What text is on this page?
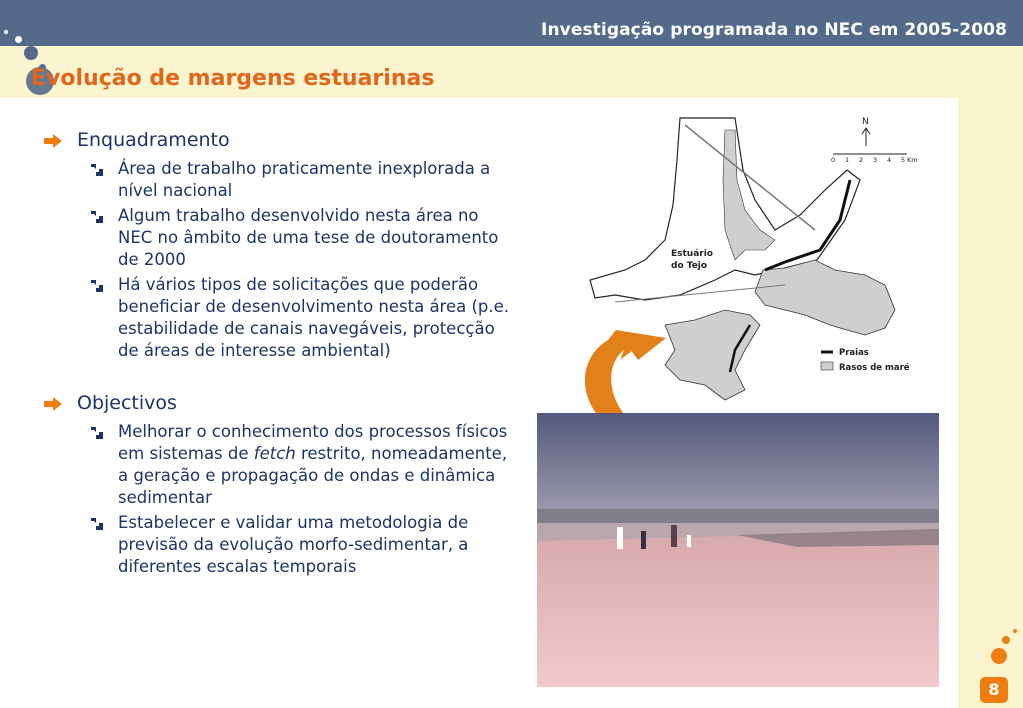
Investigação programada no NEC em 2005-2008
Evolução de margens estuarinas
Enquadramento
Área de trabalho praticamente inexplorada a nível nacional
Algum trabalho desenvolvido nesta área no NEC no âmbito de uma tese de doutoramento de 2000
Há vários tipos de solicitações que poderão beneficiar de desenvolvimento nesta área (p.e. estabilidade de canais navegáveis, protecção de áreas de interesse ambiental)
Objectivos
Melhorar o conhecimento dos processos físicos em sistemas de fetch restrito, nomeadamente, a geração e propagação de ondas e dinâmica sedimentar
Estabelecer e validar uma metodologia de previsão da evolução morfo-sedimentar, a diferentes escalas temporais
N
0 1 2 3 4 5 Km
Estuário
do Tejo
Praias
Rasos de maré
8
